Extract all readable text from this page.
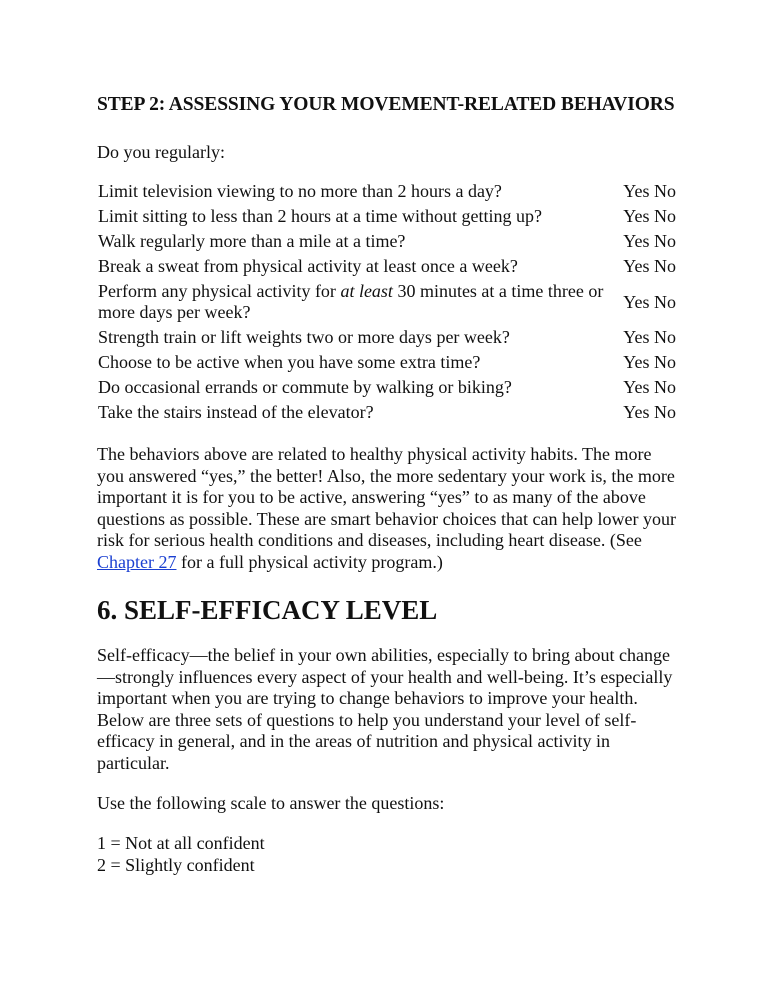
STEP 2: ASSESSING YOUR MOVEMENT-RELATED BEHAVIORS

Do you regularly:

Limit television viewing to no more than 2 hours a day?	Yes No
Limit sitting to less than 2 hours at a time without getting up?	Yes No
Walk regularly more than a mile at a time?	Yes No
Break a sweat from physical activity at least once a week?	Yes No
Perform any physical activity for at least 30 minutes at a time three or more days per week?	Yes No
Strength train or lift weights two or more days per week?	Yes No
Choose to be active when you have some extra time?	Yes No
Do occasional errands or commute by walking or biking?	Yes No
Take the stairs instead of the elevator?	Yes No

The behaviors above are related to healthy physical activity habits. The more you answered “yes,” the better! Also, the more sedentary your work is, the more important it is for you to be active, answering “yes” to as many of the above questions as possible. These are smart behavior choices that can help lower your risk for serious health conditions and diseases, including heart disease. (See Chapter 27 for a full physical activity program.)

6. SELF-EFFICACY LEVEL

Self-efficacy—the belief in your own abilities, especially to bring about change—strongly influences every aspect of your health and well-being. It’s especially important when you are trying to change behaviors to improve your health. Below are three sets of questions to help you understand your level of self-efficacy in general, and in the areas of nutrition and physical activity in particular.

Use the following scale to answer the questions:

1 = Not at all confident
2 = Slightly confident
